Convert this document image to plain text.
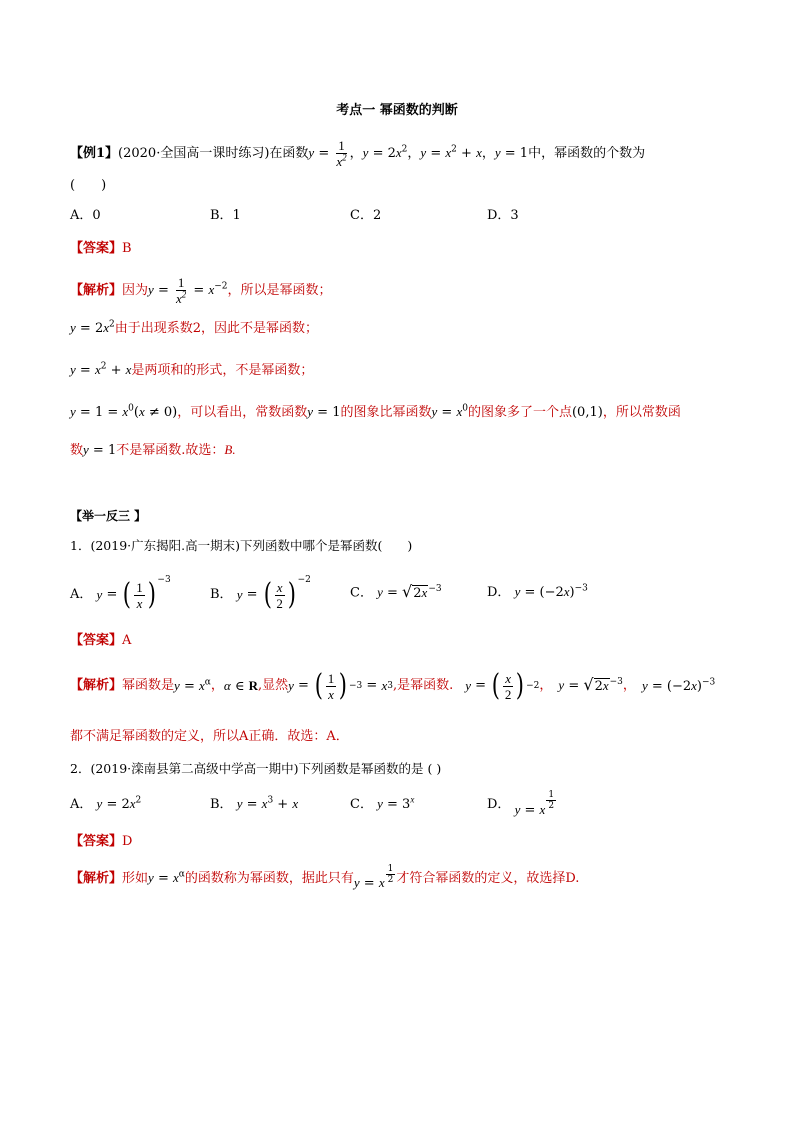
考点一 幂函数的判断
【例1】(2020·全国高一课时练习)在函数$y = \frac{1}{x^2}$ ，$y = 2x^2$，$y = x^2 + x$，y = 1中，幂函数的个数为
(　　)
A．0	B．1	C．2	D．3
【答案】B
【解析】因为$y = \frac{1}{x^2} = x^{-2}$，所以是幂函数；
$y = 2x^2$由于出现系数2，因此不是幂函数；
$y = x^2 + x$是两项和的形式，不是幂函数；
$y = 1 = x^0(x \ne 0)$，可以看出，常数函数y = 1的图象比幂函数$y = x^0$的图象多了一个点(0,1)，所以常数函
数y = 1不是幂函数.故选：B.
【举一反三 】
1．(2019·广东揭阳.高一期末)下列函数中哪个是幂函数(　　)
A．
y = ( $\frac{1}{x}$ ) −3
B．
y = ( $\frac{x}{2}$ ) −2
C． $y = √2x^{-3}$	D． $y = (-2x)^{-3}$
【答案】A
【解析】 幂函数是 $y = x^\alpha$ ， α ∈ R ,显然 y = ( $\frac{1}{x}$ ) −3 = x 3 ,是幂函数. y = ( $\frac{x}{2}$ ) −2 ， $y = √2x^{-3}$ ， $y = (-2x)^{-3}$
都不满足幂函数的定义，所以A正确．故选：A．
2．(2019·滦南县第二高级中学高一期中)下列函数是幂函数的是 ( )
A． $y = 2x^2$	B． $y = x^3 + x$	C． $y = 3^x$	D． y = x $\frac{1}{2}$
【答案】D
【解析】形如$y = x^\alpha$的函数称为幂函数，据此只有y = x $\frac{1}{2}$ 才符合幂函数的定义，故选择D.
